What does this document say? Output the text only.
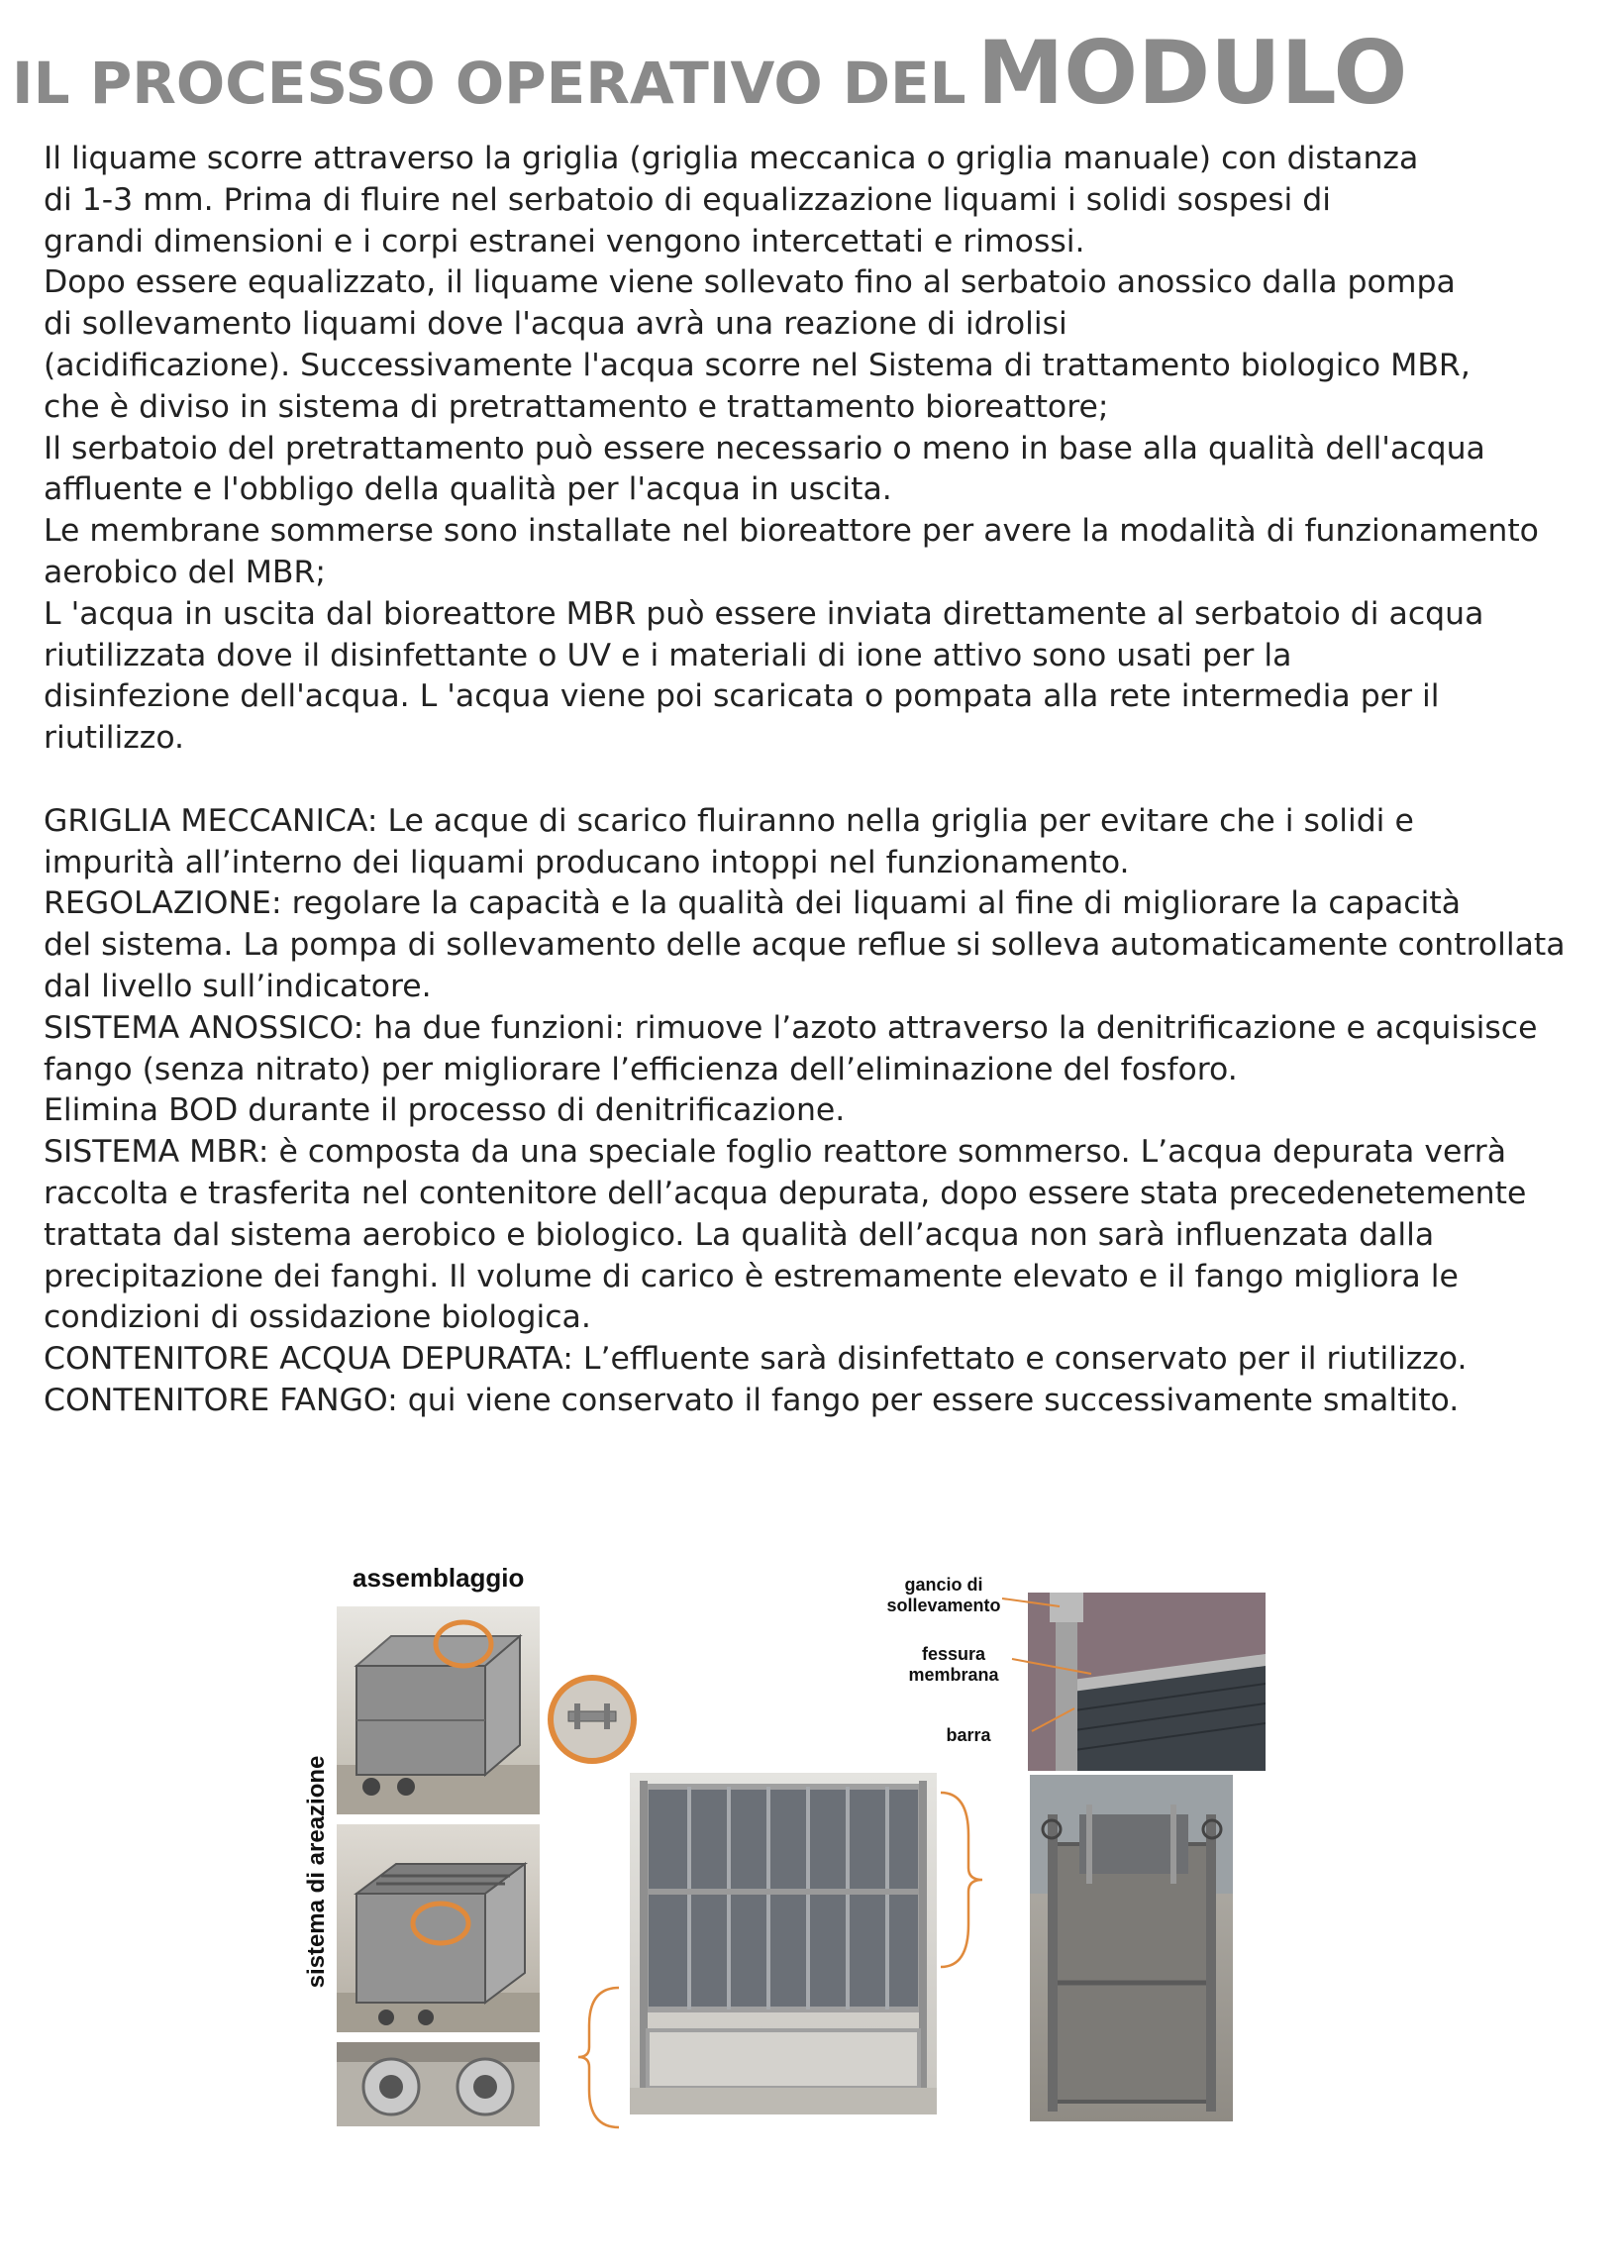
IL PROCESSO OPERATIVO DEL MODULO

Il liquame scorre attraverso la griglia (griglia meccanica o griglia manuale) con distanza

di 1-3 mm. Prima di fluire nel serbatoio di equalizzazione liquami i solidi sospesi di

grandi dimensioni e i corpi estranei vengono intercettati e rimossi.

Dopo essere equalizzato, il liquame viene sollevato fino al serbatoio anossico dalla pompa

di sollevamento liquami dove l'acqua avrà una reazione di idrolisi

(acidificazione). Successivamente l'acqua scorre nel Sistema di trattamento biologico MBR,

che è diviso in sistema di pretrattamento e trattamento bioreattore;

Il serbatoio del pretrattamento può essere necessario o meno in base alla qualità dell'acqua

affluente e l'obbligo della qualità per l'acqua in uscita.

Le membrane sommerse sono installate nel bioreattore per avere la modalità di funzionamento

aerobico del MBR;

L 'acqua in uscita dal bioreattore MBR può essere inviata direttamente al serbatoio di acqua

riutilizzata dove il disinfettante o UV e i materiali di ione attivo sono usati per la

disinfezione dell'acqua. L 'acqua viene poi scaricata o pompata alla rete intermedia per il

riutilizzo.

GRIGLIA MECCANICA: Le acque di scarico fluiranno nella griglia per evitare che i solidi e

impurità all’interno dei liquami producano intoppi nel funzionamento.

REGOLAZIONE: regolare la capacità e la qualità dei liquami al fine di migliorare la capacità

del sistema. La pompa di sollevamento delle acque reflue si solleva automaticamente controllata

dal livello sull’indicatore.

SISTEMA ANOSSICO: ha due funzioni: rimuove l’azoto attraverso la denitrificazione e acquisisce

fango (senza nitrato) per migliorare l’efficienza dell’eliminazione del fosforo.

Elimina BOD durante il processo di denitrificazione.

SISTEMA MBR: è composta da una speciale foglio reattore sommerso. L’acqua depurata verrà

raccolta e trasferita nel contenitore dell’acqua depurata, dopo essere stata precedenetemente

trattata dal sistema aerobico e biologico. La qualità dell’acqua non sarà influenzata dalla

precipitazione dei fanghi. Il volume di carico è estremamente elevato e il fango migliora le

condizioni di ossidazione biologica.

CONTENITORE ACQUA DEPURATA: L’effluente sarà disinfettato e conservato per il riutilizzo.

CONTENITORE FANGO: qui viene conservato il fango per essere successivamente smaltito.

assemblaggio
sistema di areazione
gancio di
sollevamento
fessura
membrana
barra
